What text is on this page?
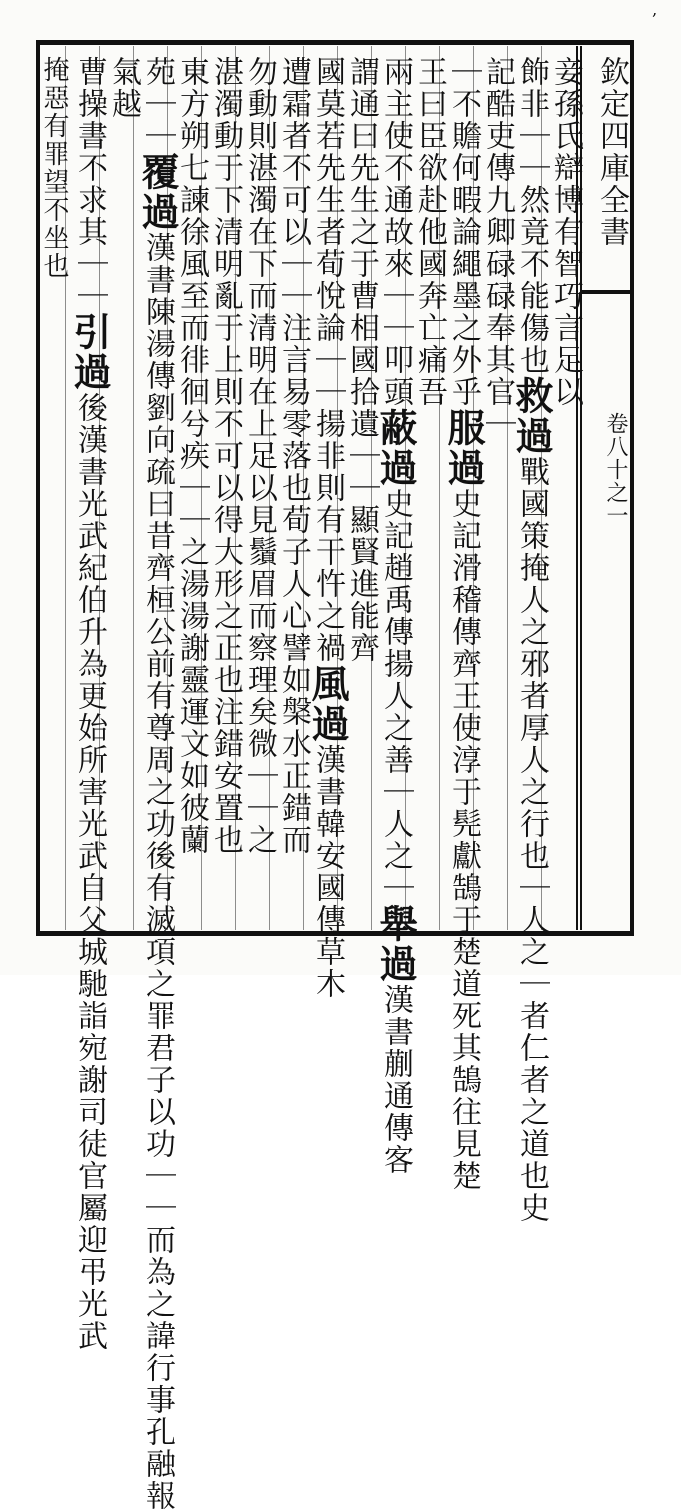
‚
欽定四庫全書
卷八十之一
妾孫氏辯博有智巧言足以
飾非｜｜然竟不能傷也救過戰國策掩人之邪者厚人之行也｜人之｜者仁者之道也史
記酷吏傳九卿碌碌奉其官｜
｜不贍何暇論繩墨之外乎服過史記滑稽傳齊王使淳于髡獻鵠于楚道死其鵠往見楚
王曰臣欲赴他國奔亡痛吾
兩主使不通故來｜｜叩頭蔽過史記趙禹傳揚人之善｜人之｜舉過漢書蒯通傳客
謂通曰先生之于曹相國拾遺｜｜顯賢進能齊
國莫若先生者荀悅論｜｜揚非則有干忤之禍風過漢書韓安國傳草木
遭霜者不可以｜｜注言易零落也荀子人心譬如槃水正錯而
勿動則湛濁在下而清明在上足以見鬚眉而察理矣微｜｜之
湛濁動于下清明亂于上則不可以得大形之正也注錯安置也
東方朔七諫徐風至而徘徊兮疾｜｜之湯湯謝靈運文如彼蘭
苑｜｜覆過漢書陳湯傳劉向疏曰昔齊桓公前有尊周之功後有滅項之罪君子以功｜｜而為之諱行事孔融報
氣越
曹操書不求其｜｜引過後漢書光武紀伯升為更始所害光武自父城馳詣宛謝司徒官屬迎弔光武
掩惡有罪望不坐也
